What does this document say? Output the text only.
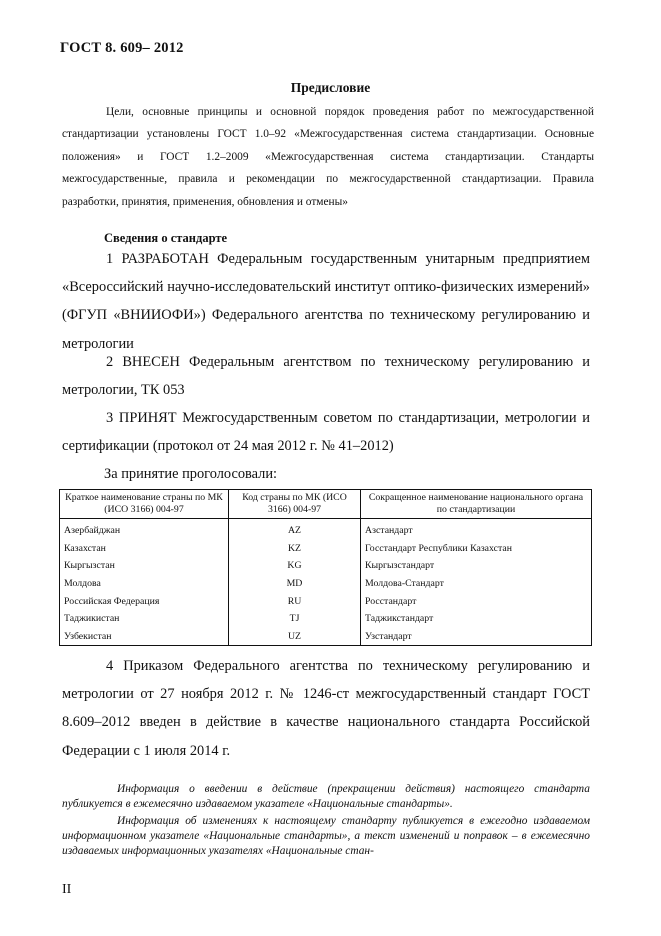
ГОСТ 8. 609– 2012
Предисловие
Цели, основные принципы и основной порядок проведения работ по межгосударственной стандартизации установлены ГОСТ 1.0–92 «Межгосударственная система стандартизации. Основные положения» и ГОСТ 1.2–2009 «Межгосударственная система стандартизации. Стандарты межгосударственные, правила и рекомендации по межгосударственной стандартизации. Правила разработки, принятия, применения, обновления и отмены»
Сведения о стандарте
1 РАЗРАБОТАН Федеральным государственным унитарным предприятием «Всероссийский научно-исследовательский институт оптико-физических измерений» (ФГУП «ВНИИОФИ») Федерального агентства по техническому регулированию и метрологии
2 ВНЕСЕН Федеральным агентством по техническому регулированию и метрологии, ТК 053
3 ПРИНЯТ Межгосударственным советом по стандартизации, метрологии и сертификации (протокол от 24 мая 2012 г. № 41–2012)
За принятие проголосовали:
Краткое наименование страны по МК (ИСО 3166) 004-97	Код страны по МК (ИСО 3166) 004-97	Сокращенное наименование национального органа по стандартизации
Азербайджан	AZ	Азстандарт
Казахстан	KZ	Госстандарт Республики Казахстан
Кыргызстан	KG	Кыргызстандарт
Молдова	MD	Молдова-Стандарт
Российская Федерация	RU	Росстандарт
Таджикистан	TJ	Таджикстандарт
Узбекистан	UZ	Узстандарт
4 Приказом Федерального агентства по техническому регулированию и метрологии от 27 ноября 2012 г. № 1246-ст межгосударственный стандарт ГОСТ 8.609–2012 введен в действие в качестве национального стандарта Российской Федерации с 1 июля 2014 г.
Информация о введении в действие (прекращении действия) настоящего стандарта публикуется в ежемесячно издаваемом указателе «Национальные стандарты».
Информация об изменениях к настоящему стандарту публикуется в ежегодно издаваемом информационном указателе «Национальные стандарты», а текст изменений и поправок – в ежемесячно издаваемых информационных указателях «Национальные стан-
II
